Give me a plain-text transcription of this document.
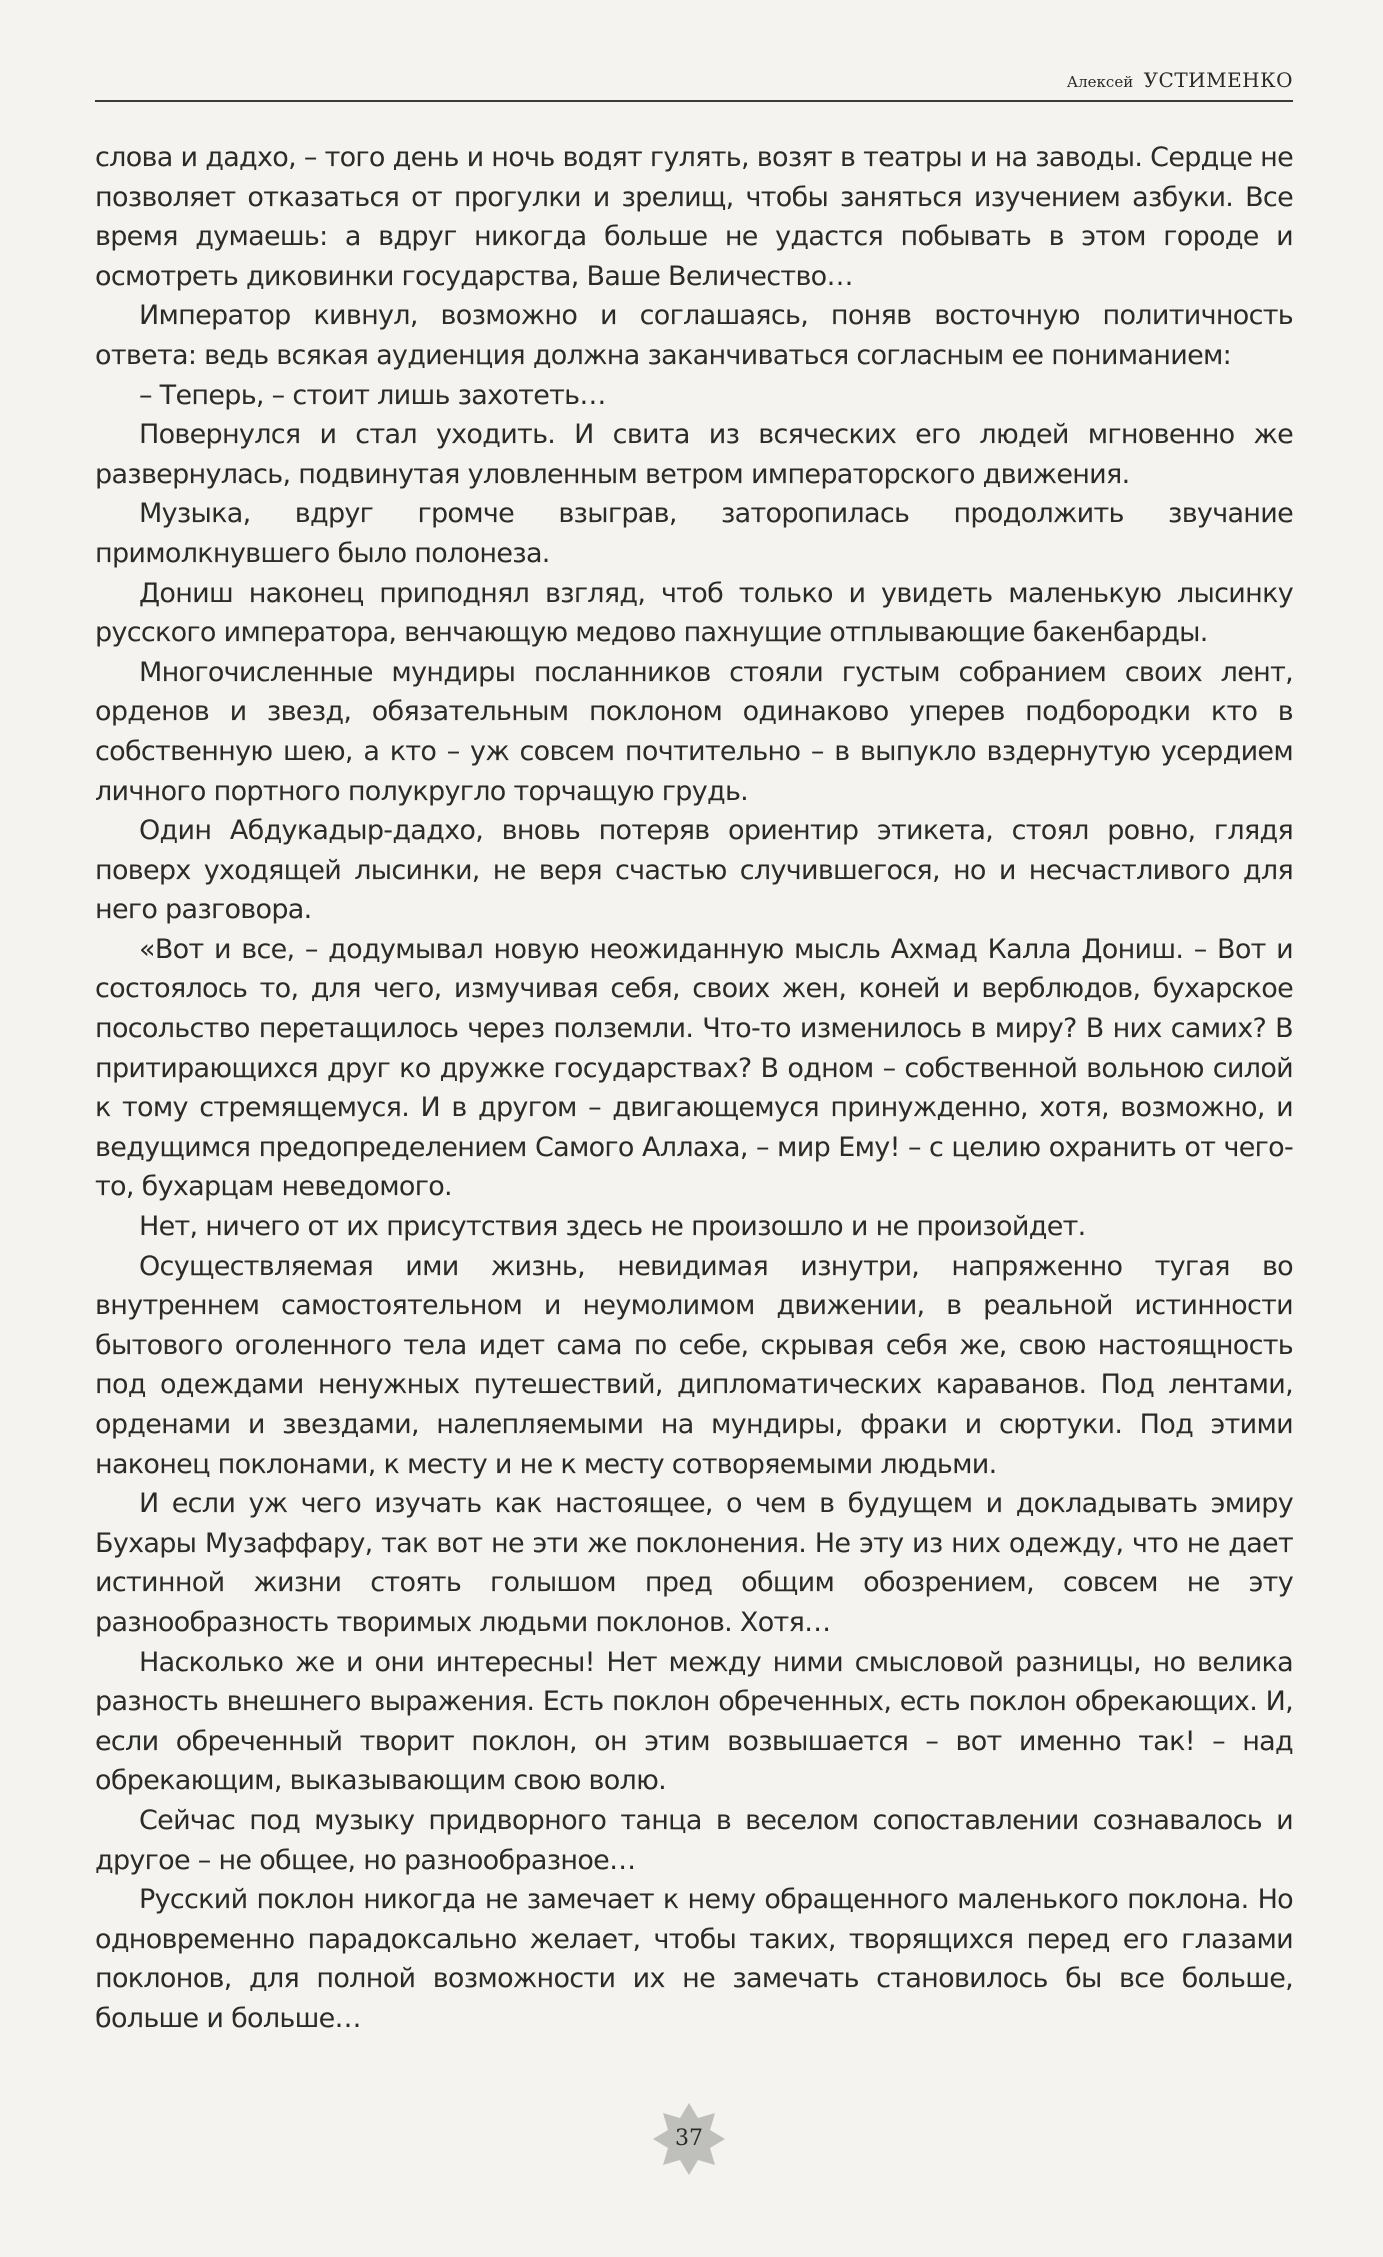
Алексей УСТИМЕНКО

слова и дадхо, – того день и ночь водят гулять, возят в театры и на заводы. Сердце не позволяет отказаться от прогулки и зрелищ, чтобы заняться изучением азбуки. Все время думаешь: а вдруг никогда больше не удастся побывать в этом городе и осмотреть диковинки государства, Ваше Величество…

Император кивнул, возможно и соглашаясь, поняв восточную политичность ответа: ведь всякая аудиенция должна заканчиваться согласным ее пониманием:

– Теперь, – стоит лишь захотеть…

Повернулся и стал уходить. И свита из всяческих его людей мгновенно же развернулась, подвинутая уловленным ветром императорского движения.

Музыка, вдруг громче взыграв, заторопилась продолжить звучание примолкнувшего было полонеза.

Дониш наконец приподнял взгляд, чтоб только и увидеть маленькую лысинку русского императора, венчающую медово пахнущие отплывающие бакенбарды.

Многочисленные мундиры посланников стояли густым собранием своих лент, орденов и звезд, обязательным поклоном одинаково уперев подбородки кто в собственную шею, а кто – уж совсем почтительно – в выпукло вздернутую усердием личного портного полукругло торчащую грудь.

Один Абдукадыр-дадхо, вновь потеряв ориентир этикета, стоял ровно, глядя поверх уходящей лысинки, не веря счастью случившегося, но и несчастливого для него разговора.

«Вот и все, – додумывал новую неожиданную мысль Ахмад Калла Дониш. – Вот и состоялось то, для чего, измучивая себя, своих жен, коней и верблюдов, бухарское посольство перетащилось через полземли. Что-то изменилось в миру? В них самих? В притирающихся друг ко дружке государствах? В одном – собственной вольною силой к тому стремящемуся. И в другом – двигающемуся принужденно, хотя, возможно, и ведущимся предопределением Самого Аллаха, – мир Ему! – с целию охранить от чего-то, бухарцам неведомого.

Нет, ничего от их присутствия здесь не произошло и не произойдет.

Осуществляемая ими жизнь, невидимая изнутри, напряженно тугая во внутреннем самостоятельном и неумолимом движении, в реальной истинности бытового оголенного тела идет сама по себе, скрывая себя же, свою настоящность под одеждами ненужных путешествий, дипломатических караванов. Под лентами, орденами и звездами, налепляемыми на мундиры, фраки и сюртуки. Под этими наконец поклонами, к месту и не к месту сотворяемыми людьми.

И если уж чего изучать как настоящее, о чем в будущем и докладывать эмиру Бухары Музаффару, так вот не эти же поклонения. Не эту из них одежду, что не дает истинной жизни стоять голышом пред общим обозрением, совсем не эту разнообразность творимых людьми поклонов. Хотя…

Насколько же и они интересны! Нет между ними смысловой разницы, но велика разность внешнего выражения. Есть поклон обреченных, есть поклон обрекающих. И, если обреченный творит поклон, он этим возвышается – вот именно так! – над обрекающим, выказывающим свою волю.

Сейчас под музыку придворного танца в веселом сопоставлении сознавалось и другое – не общее, но разнообразное…

Русский поклон никогда не замечает к нему обращенного маленького поклона. Но одновременно парадоксально желает, чтобы таких, творящихся перед его глазами поклонов, для полной возможности их не замечать становилось бы все больше, больше и больше…

37
